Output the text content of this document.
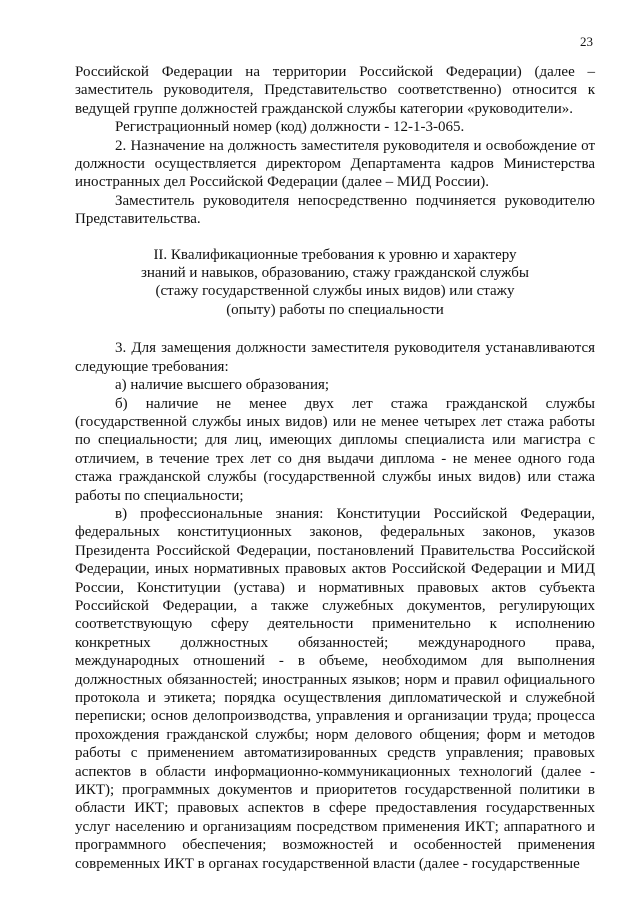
23

Российской Федерации на территории Российской Федерации) (далее – заместитель руководителя, Представительство соответственно) относится к ведущей группе должностей гражданской службы категории «руководители».

Регистрационный номер (код) должности - 12-1-3-065.

2. Назначение на должность заместителя руководителя и освобождение от должности осуществляется директором Департамента кадров Министерства иностранных дел Российской Федерации (далее – МИД России).

Заместитель руководителя непосредственно подчиняется руководителю Представительства.

II. Квалификационные требования к уровню и характеру
знаний и навыков, образованию, стажу гражданской службы
(стажу государственной службы иных видов) или стажу
(опыту) работы по специальности

3. Для замещения должности заместителя руководителя устанавливаются следующие требования:

а) наличие высшего образования;

б) наличие не менее двух лет стажа гражданской службы (государственной службы иных видов) или не менее четырех лет стажа работы по специальности; для лиц, имеющих дипломы специалиста или магистра с отличием, в течение трех лет со дня выдачи диплома - не менее одного года стажа гражданской службы (государственной службы иных видов) или стажа работы по специальности;

в) профессиональные знания: Конституции Российской Федерации, федеральных конституционных законов, федеральных законов, указов Президента Российской Федерации, постановлений Правительства Российской Федерации, иных нормативных правовых актов Российской Федерации и МИД России, Конституции (устава) и нормативных правовых актов субъекта Российской Федерации, а также служебных документов, регулирующих соответствующую сферу деятельности применительно к исполнению конкретных должностных обязанностей; международного права, международных отношений - в объеме, необходимом для выполнения должностных обязанностей; иностранных языков; норм и правил официального протокола и этикета; порядка осуществления дипломатической и служебной переписки; основ делопроизводства, управления и организации труда; процесса прохождения гражданской службы; норм делового общения; форм и методов работы с применением автоматизированных средств управления; правовых аспектов в области информационно-коммуникационных технологий (далее - ИКТ); программных документов и приоритетов государственной политики в области ИКТ; правовых аспектов в сфере предоставления государственных услуг населению и организациям посредством применения ИКТ; аппаратного и программного обеспечения; возможностей и особенностей применения современных ИКТ в органах государственной власти (далее - государственные
